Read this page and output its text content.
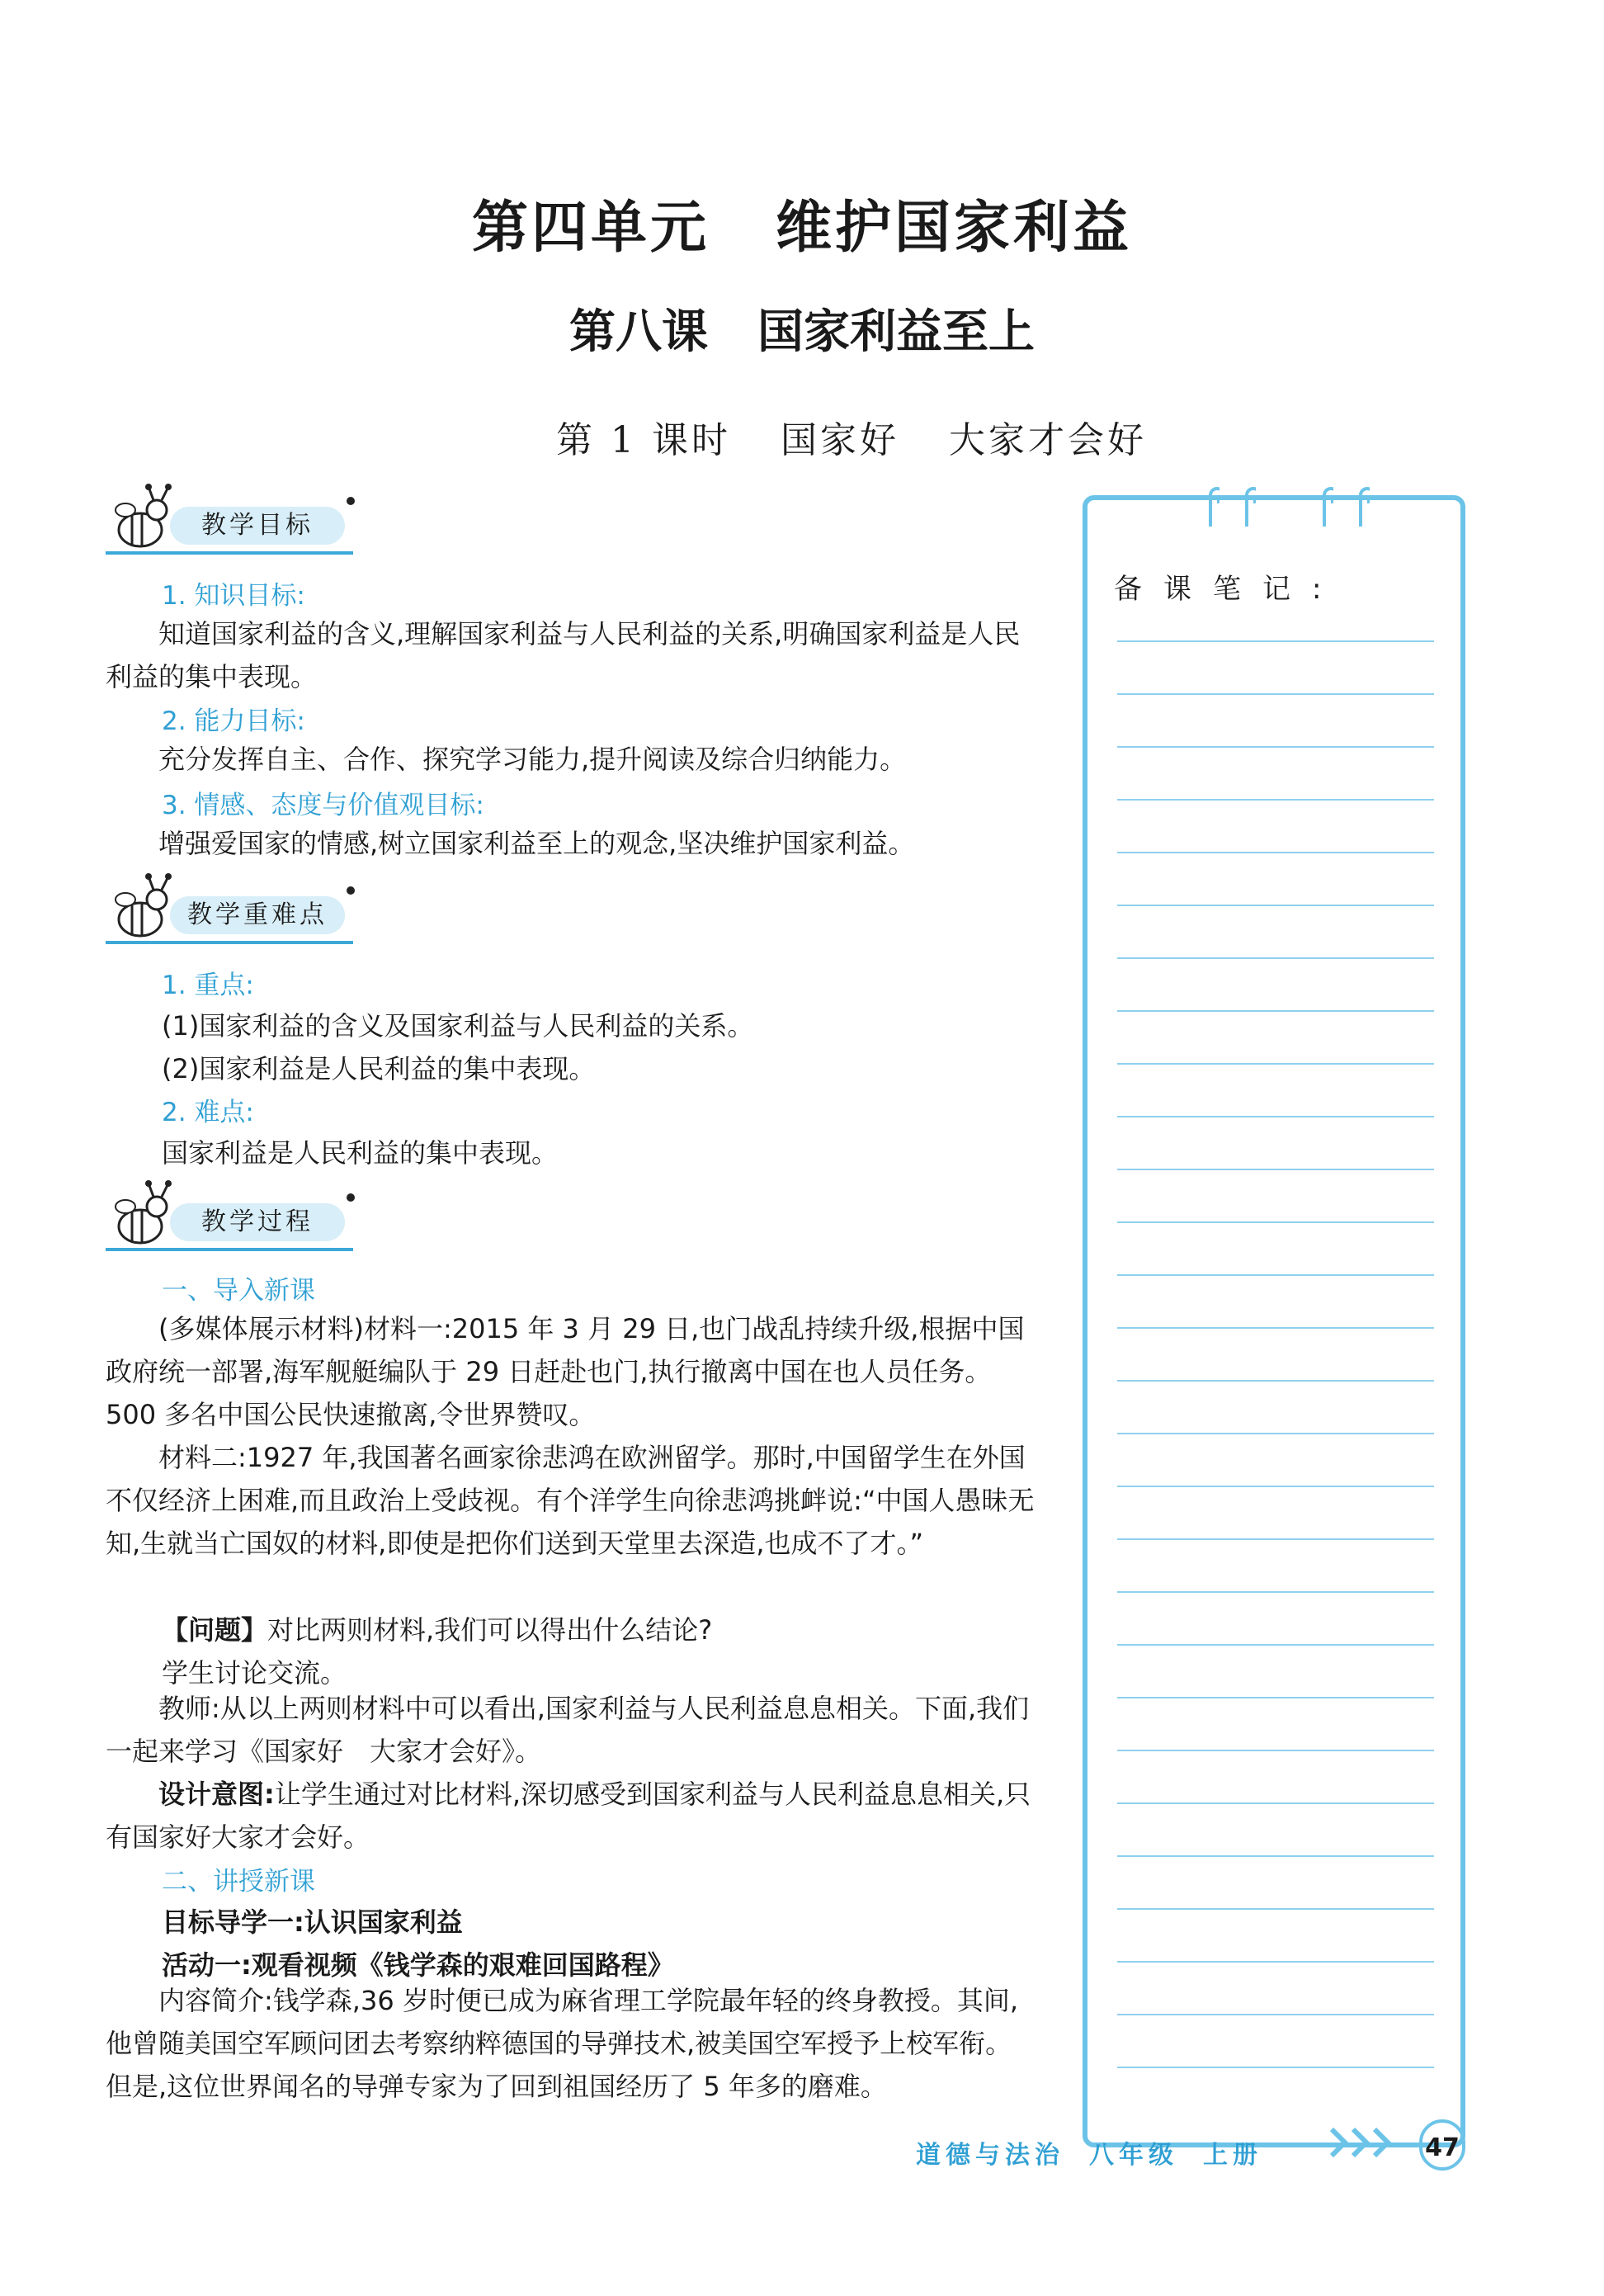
第四单元 维护国家利益
第八课 国家利益至上
第 1 课时 国家好 大家才会好
教学目标
1. 知识目标:

知道国家利益的含义,理解国家利益与人民利益的关系,明确国家利益是人民利益的集中表现。

2. 能力目标:

充分发挥自主、合作、探究学习能力,提升阅读及综合归纳能力。

3. 情感、态度与价值观目标:

增强爱国家的情感,树立国家利益至上的观念,坚决维护国家利益。

教学重难点
1. 重点:
(1)国家利益的含义及国家利益与人民利益的关系。
(2)国家利益是人民利益的集中表现。
2. 难点:
国家利益是人民利益的集中表现。
教学过程
一、导入新课

(多媒体展示材料)材料一:2015 年 3 月 29 日,也门战乱持续升级,根据中国政府统一部署,海军舰艇编队于 29 日赶赴也门,执行撤离中国在也人员任务。500 多名中国公民快速撤离,令世界赞叹。

材料二:1927 年,我国著名画家徐悲鸿在欧洲留学。那时,中国留学生在外国不仅经济上困难,而且政治上受歧视。有个洋学生向徐悲鸿挑衅说:“中国人愚昧无知,生就当亡国奴的材料,即使是把你们送到天堂里去深造,也成不了才。”

【问题】对比两则材料,我们可以得出什么结论?
学生讨论交流。

教师:从以上两则材料中可以看出,国家利益与人民利益息息相关。下面,我们一起来学习《国家好　大家才会好》。

设计意图:让学生通过对比材料,深切感受到国家利益与人民利益息息相关,只有国家好大家才会好。

二、讲授新课
目标导学一:认识国家利益
活动一:观看视频《钱学森的艰难回国路程》

内容简介:钱学森,36 岁时便已成为麻省理工学院最年轻的终身教授。其间,他曾随美国空军顾问团去考察纳粹德国的导弹技术,被美国空军授予上校军衔。但是,这位世界闻名的导弹专家为了回到祖国经历了 5 年多的磨难。

备课笔记:
道德与法治 八年级 上册	47
